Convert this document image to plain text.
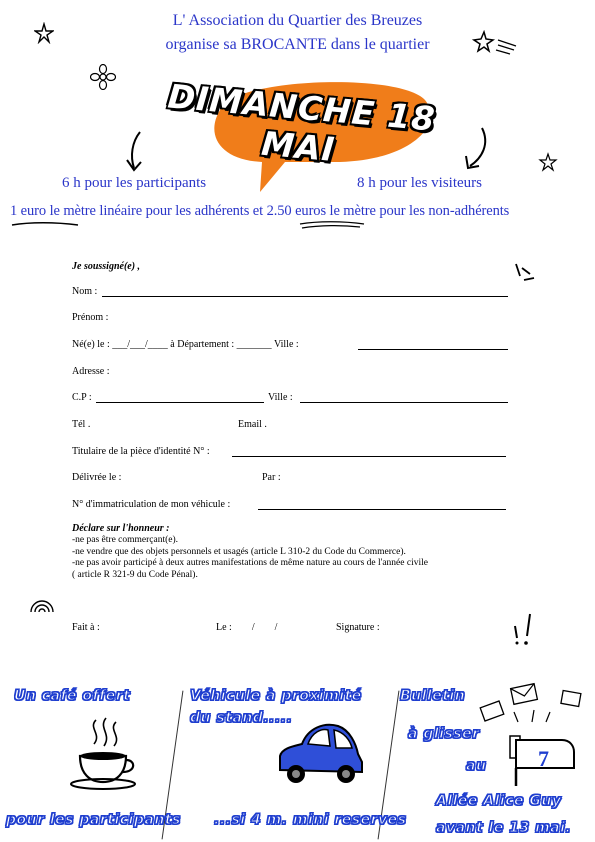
L' Association du Quartier des Breuzes
organise sa BROCANTE dans le quartier
DIMANCHE 18 MAI
6 h pour les participants	8 h pour les visiteurs
1 euro le mètre linéaire pour les adhérents et 2.50 euros le mètre pour les non-adhérents
Je soussigné(e) ,
Nom :
Prénom :
Né(e) le : ___/___/____ à Département : _______ Ville :
Adresse :
C.P :	Ville :
Tél .	Email .
Titulaire de la pièce d'identité N° :
Délivrée le :	Par :
N° d'immatriculation de mon véhicule :
Déclare sur l'honneur :
-ne pas être commerçant(e).
-ne vendre que des objets personnels et usagés (article L 310-2 du Code du Commerce).
-ne pas avoir participé à deux autres manifestations de même nature au cours de l'année civile
( article R 321-9 du Code Pénal).
Fait à :	Le :        /        /	Signature :
Un café offert
pour les participants
Véhicule à proximité
du stand.....
...si 4 m. mini reserves
Bulletin
à glisser
au 7
Allée Alice Guy
avant le 13 mai.
